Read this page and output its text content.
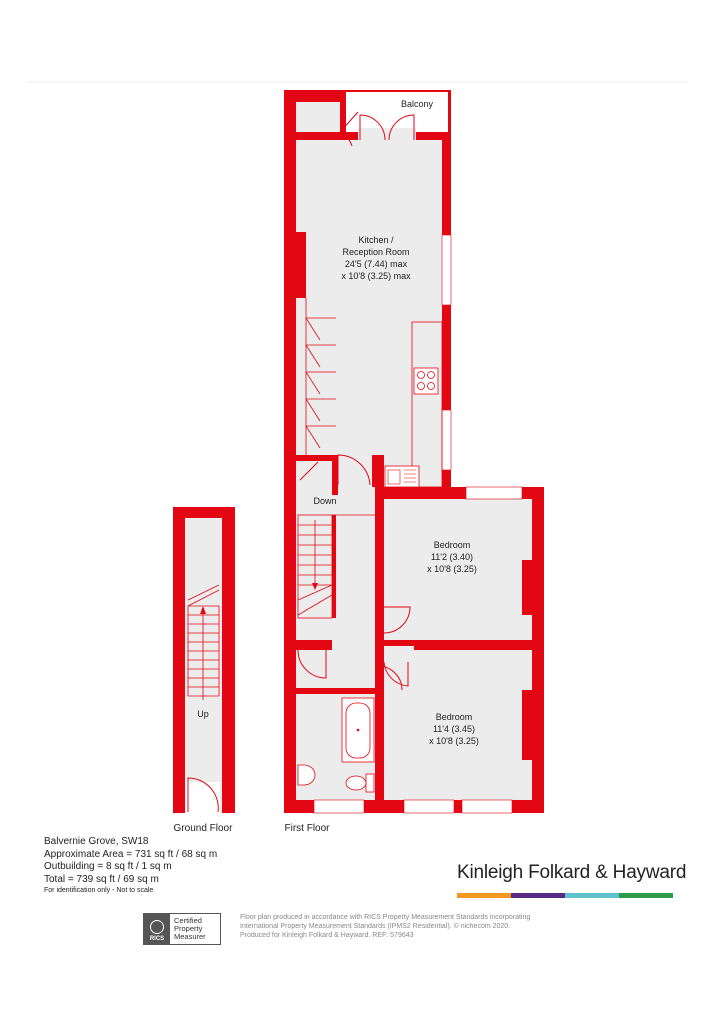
Up
Ground Floor
Down
First Floor
Balcony
Kitchen /
Reception Room
24'5 (7.44) max
x 10'8 (3.25) max
Bedroom
11'2 (3.40)
x 10'8 (3.25)
Bedroom
11'4 (3.45)
x 10'8 (3.25)
Balvernie Grove, SW18
Approximate Area = 731 sq ft / 68 sq m
Outbuilding = 8 sq ft / 1 sq m
Total = 739 sq ft / 69 sq m
For identification only - Not to scale
Kinleigh Folkard & Hayward
RICS
Certified
Property
Measurer
Floor plan produced in accordance with RICS Property Measurement Standards incorporating
International Property Measurement Standards (IPMS2 Residential). © nichecom 2020.
Produced for Kinleigh Folkard & Hayward. REF: 579643
